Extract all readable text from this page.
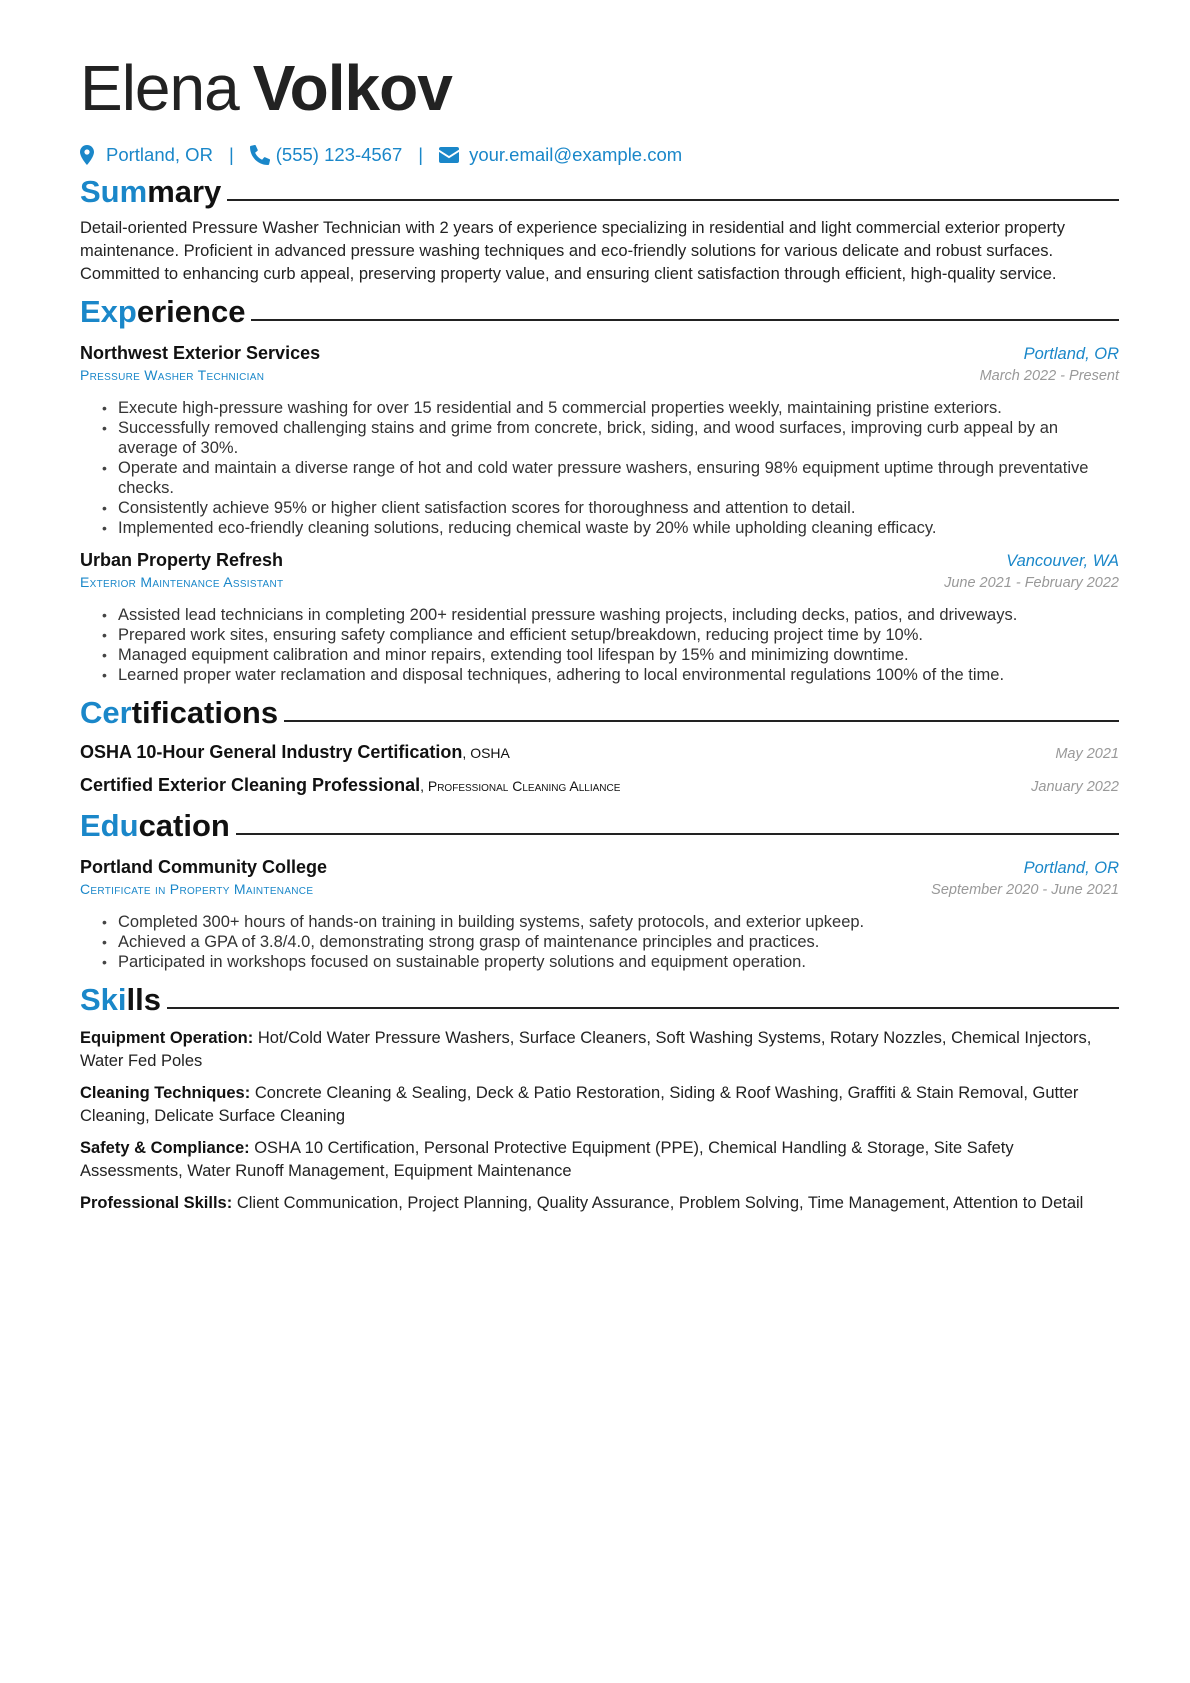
Elena Volkov
Portland, OR | (555) 123-4567 | your.email@example.com
Sum mary

Detail-oriented Pressure Washer Technician with 2 years of experience specializing in residential and light commercial exterior property maintenance. Proficient in advanced pressure washing techniques and eco-friendly solutions for various delicate and robust surfaces. Committed to enhancing curb appeal, preserving property value, and ensuring client satisfaction through efficient, high-quality service.

Exp erience
Northwest Exterior Services	Portland, OR
Pressure Washer Technician	March 2022 - Present
• Execute high-pressure washing for over 15 residential and 5 commercial properties weekly, maintaining pristine exteriors.
• Successfully removed challenging stains and grime from concrete, brick, siding, and wood surfaces, improving curb appeal by an average of 30%.
• Operate and maintain a diverse range of hot and cold water pressure washers, ensuring 98% equipment uptime through preventative checks.
• Consistently achieve 95% or higher client satisfaction scores for thoroughness and attention to detail.
• Implemented eco-friendly cleaning solutions, reducing chemical waste by 20% while upholding cleaning efficacy.
Urban Property Refresh	Vancouver, WA
Exterior Maintenance Assistant	June 2021 - February 2022
• Assisted lead technicians in completing 200+ residential pressure washing projects, including decks, patios, and driveways.
• Prepared work sites, ensuring safety compliance and efficient setup/breakdown, reducing project time by 10%.
• Managed equipment calibration and minor repairs, extending tool lifespan by 15% and minimizing downtime.
• Learned proper water reclamation and disposal techniques, adhering to local environmental regulations 100% of the time.
Cer tifications
OSHA 10-Hour General Industry Certification, OSHA	May 2021
Certified Exterior Cleaning Professional, Professional Cleaning Alliance	January 2022
Edu cation
Portland Community College	Portland, OR
Certificate in Property Maintenance	September 2020 - June 2021
• Completed 300+ hours of hands-on training in building systems, safety protocols, and exterior upkeep.
• Achieved a GPA of 3.8/4.0, demonstrating strong grasp of maintenance principles and practices.
• Participated in workshops focused on sustainable property solutions and equipment operation.
Ski lls

Equipment Operation: Hot/Cold Water Pressure Washers, Surface Cleaners, Soft Washing Systems, Rotary Nozzles, Chemical Injectors, Water Fed Poles

Cleaning Techniques: Concrete Cleaning & Sealing, Deck & Patio Restoration, Siding & Roof Washing, Graffiti & Stain Removal, Gutter Cleaning, Delicate Surface Cleaning

Safety & Compliance: OSHA 10 Certification, Personal Protective Equipment (PPE), Chemical Handling & Storage, Site Safety Assessments, Water Runoff Management, Equipment Maintenance

Professional Skills: Client Communication, Project Planning, Quality Assurance, Problem Solving, Time Management, Attention to Detail
